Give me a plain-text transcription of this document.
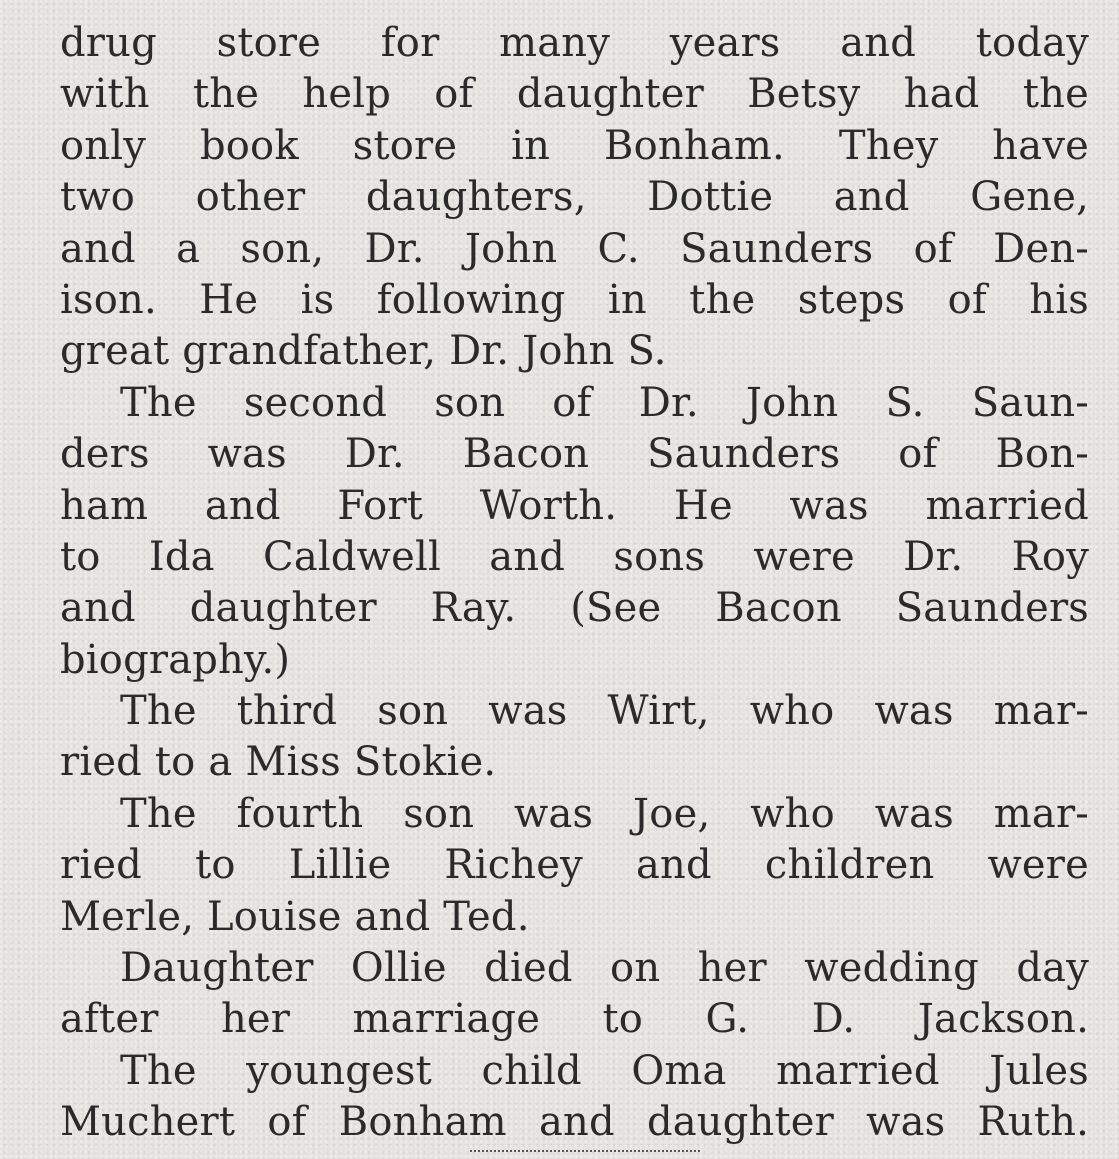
drug store for many years and today
with the help of daughter Betsy had the
only book store in Bonham. They have
two other daughters, Dottie and Gene,
and a son, Dr. John C. Saunders of Den-
ison. He is following in the steps of his
great grandfather, Dr. John S.
The second son of Dr. John S. Saun-
ders was Dr. Bacon Saunders of Bon-
ham and Fort Worth. He was married
to Ida Caldwell and sons were Dr. Roy
and daughter Ray. (See Bacon Saunders
biography.)
The third son was Wirt, who was mar-
ried to a Miss Stokie.
The fourth son was Joe, who was mar-
ried to Lillie Richey and children were
Merle, Louise and Ted.
Daughter Ollie died on her wedding day
after her marriage to G. D. Jackson.
The youngest child Oma married Jules
Muchert of Bonham and daughter was Ruth.
